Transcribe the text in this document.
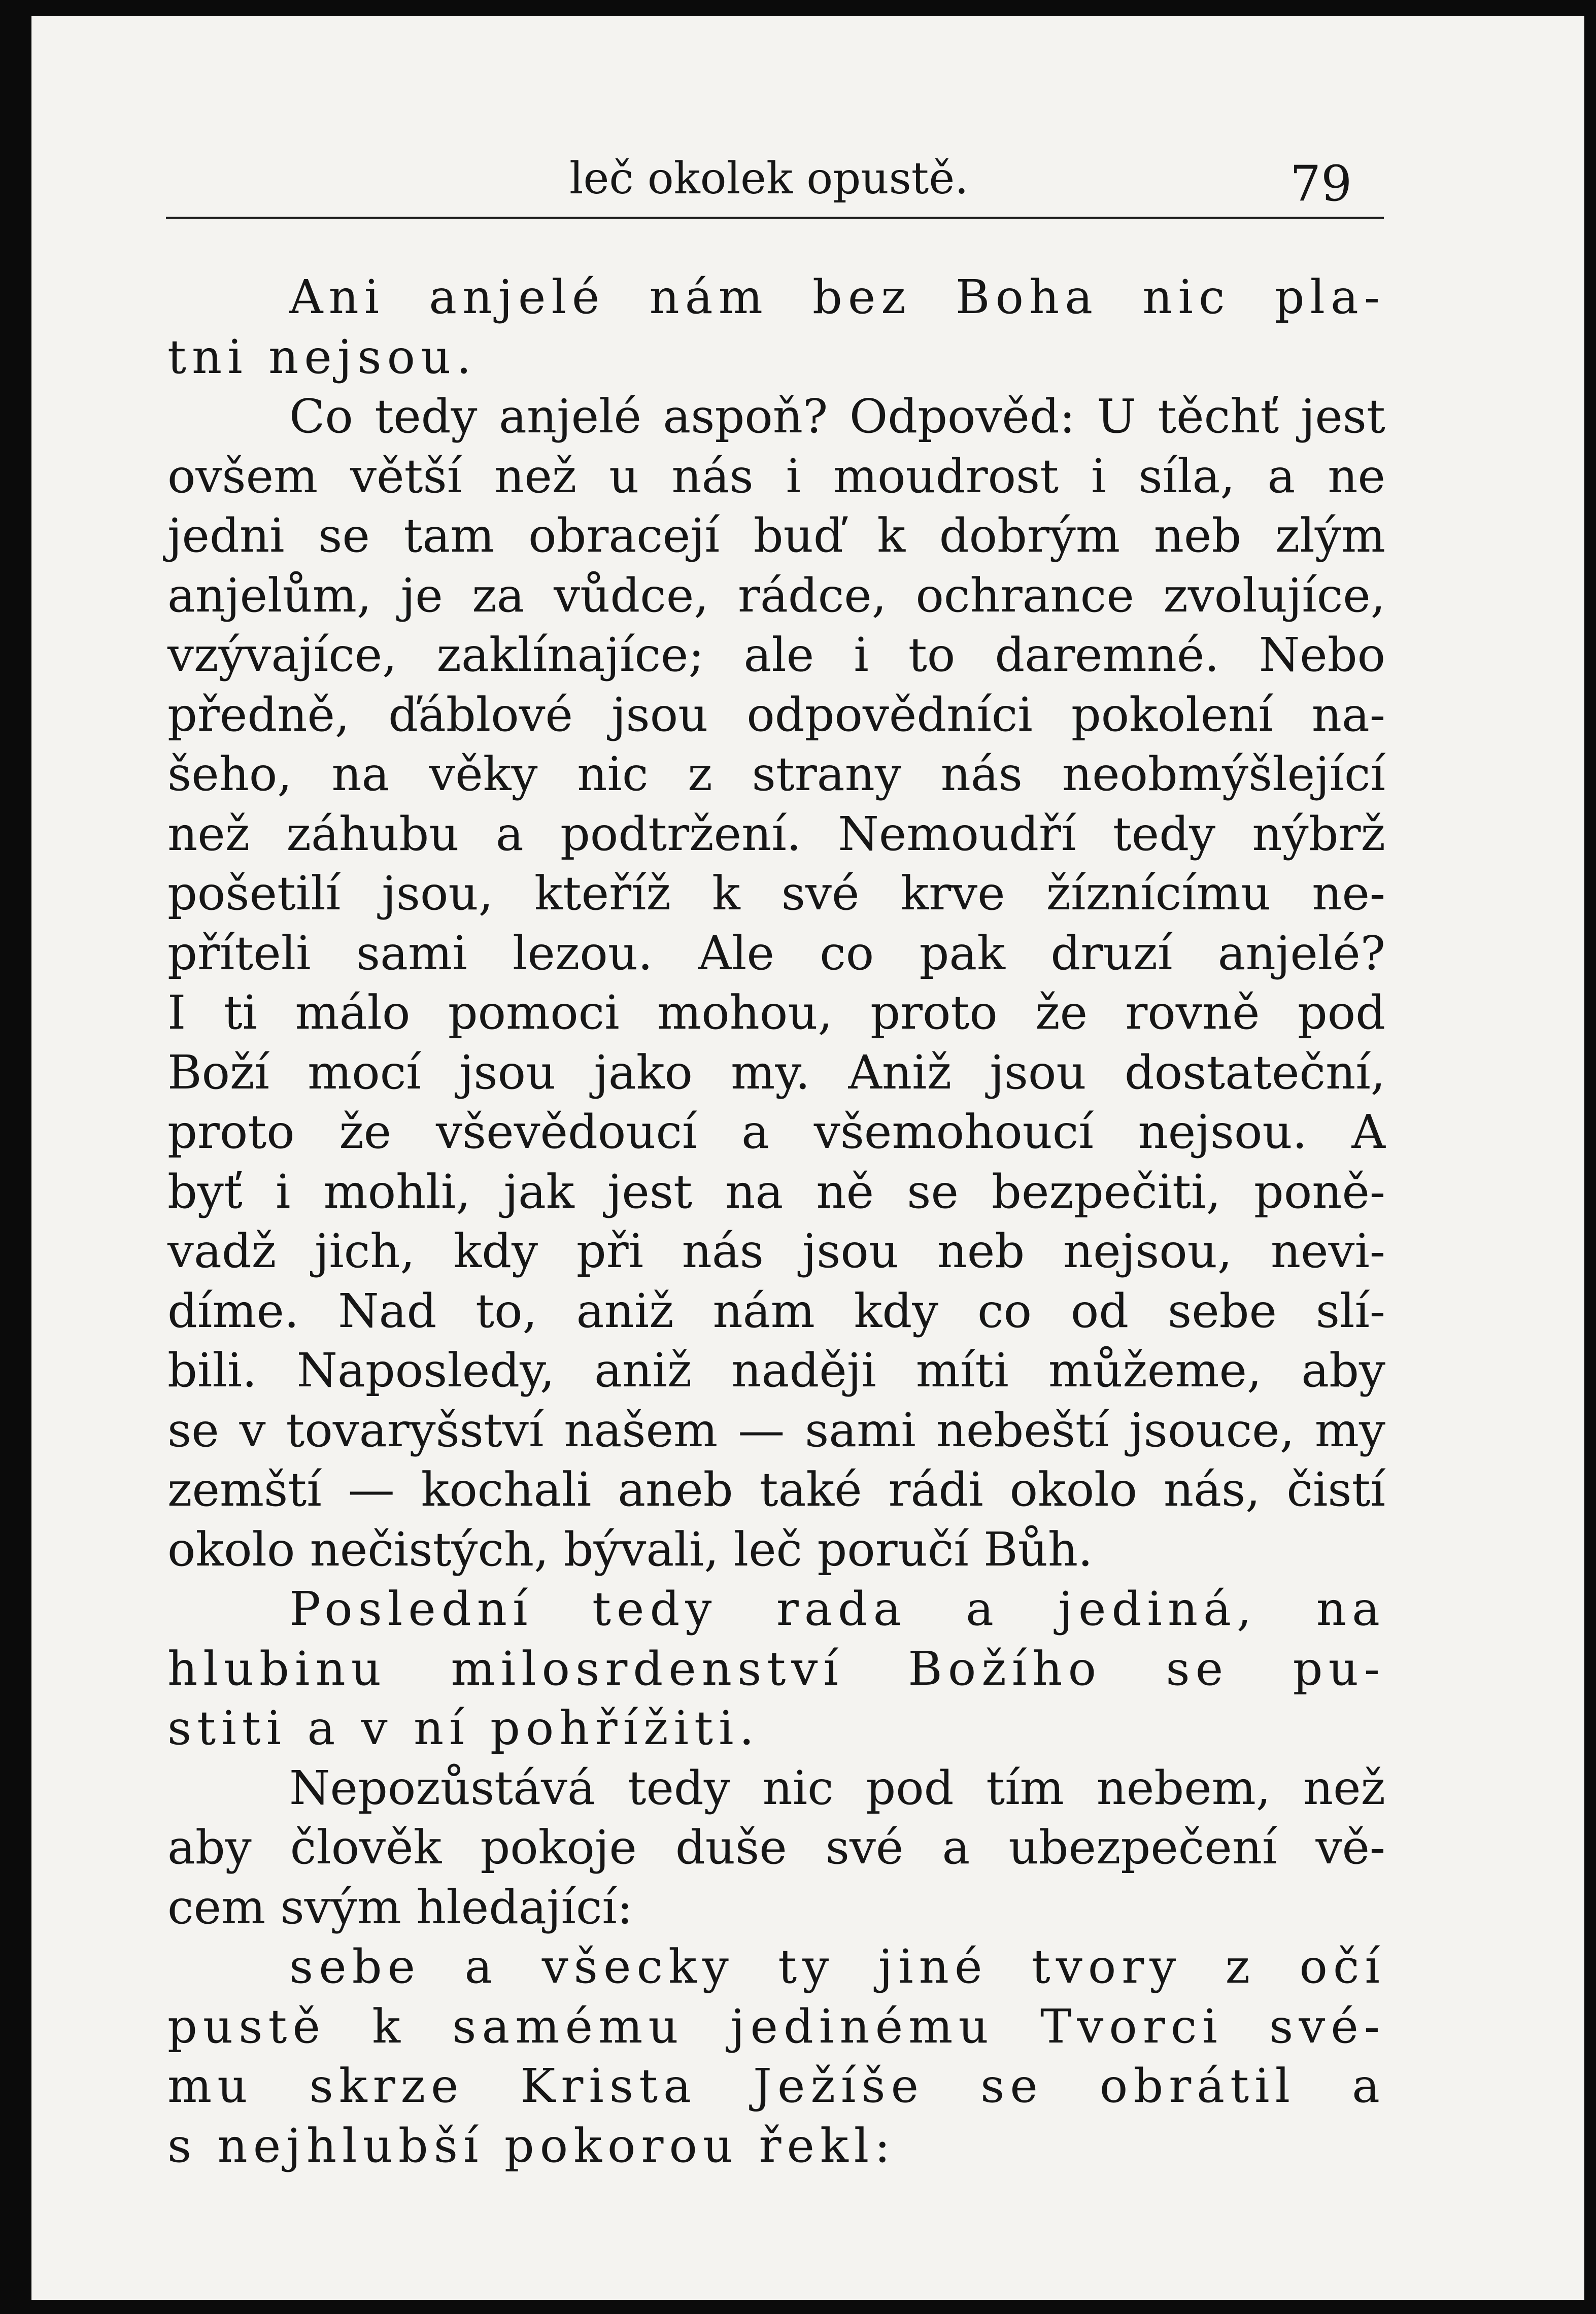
leč okolek opustě.	79
Ani anjelé nám bez Boha nic pla-
tni nejsou.
Co tedy anjelé aspoň? Odpověd: U těchť jest
ovšem větší než u nás i moudrost i síla, a ne
jedni se tam obracejí buď k dobrým neb zlým
anjelům, je za vůdce, rádce, ochrance zvolujíce,
vzývajíce, zaklínajíce; ale i to daremné. Nebo
předně, ďáblové jsou odpovědníci pokolení na-
šeho, na věky nic z strany nás neobmýšlející
než záhubu a podtržení. Nemoudří tedy nýbrž
pošetilí jsou, kteříž k své krve žíznícímu ne-
příteli sami lezou. Ale co pak druzí anjelé?
I ti málo pomoci mohou, proto že rovně pod
Boží mocí jsou jako my. Aniž jsou dostateční,
proto že vševědoucí a všemohoucí nejsou. A
byť i mohli, jak jest na ně se bezpečiti, poně-
vadž jich, kdy při nás jsou neb nejsou, nevi-
díme. Nad to, aniž nám kdy co od sebe slí-
bili. Naposledy, aniž naději míti můžeme, aby
se v tovaryšství našem — sami nebeští jsouce, my
zemští — kochali aneb také rádi okolo nás, čistí
okolo nečistých, bývali, leč poručí Bůh.
Poslední tedy rada a jediná, na
hlubinu milosrdenství Božího se pu-
stiti a v ní pohřížiti.
Nepozůstává tedy nic pod tím nebem, než
aby člověk pokoje duše své a ubezpečení vě-
cem svým hledající:
sebe a všecky ty jiné tvory z očí
pustě k samému jedinému Tvorci své-
mu skrze Krista Ježíše se obrátil a
s nejhlubší pokorou řekl:
